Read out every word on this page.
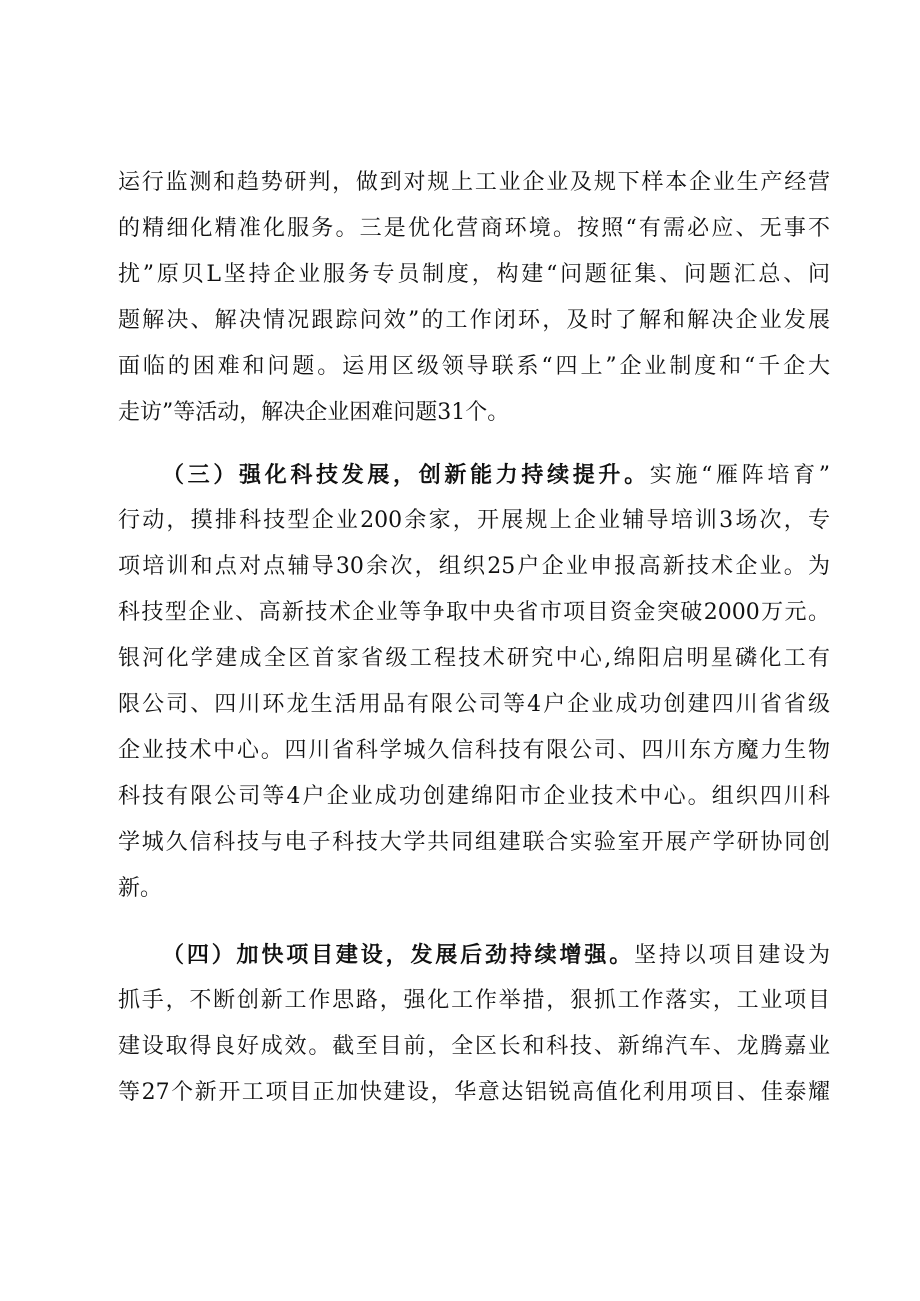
运行监测和趋势研判，做到对规上工业企业及规下样本企业生产经营
的精细化精准化服务。三是优化营商环境。按照“有需必应、无事不
扰”原贝L坚持企业服务专员制度，构建“问题征集、问题汇总、问
题解决、解决情况跟踪问效”的工作闭环，及时了解和解决企业发展
面临的困难和问题。运用区级领导联系“四上”企业制度和“千企大
走访”等活动，解决企业困难问题31个。
（三）强化科技发展，创新能力持续提升。实施“雁阵培育”
行动，摸排科技型企业200余家，开展规上企业辅导培训3场次，专
项培训和点对点辅导30余次，组织25户企业申报高新技术企业。为
科技型企业、高新技术企业等争取中央省市项目资金突破2000万元。
银河化学建成全区首家省级工程技术研究中心,绵阳启明星磷化工有
限公司、四川环龙生活用品有限公司等4户企业成功创建四川省省级
企业技术中心。四川省科学城久信科技有限公司、四川东方魔力生物
科技有限公司等4户企业成功创建绵阳市企业技术中心。组织四川科
学城久信科技与电子科技大学共同组建联合实验室开展产学研协同创
新。
（四）加快项目建设，发展后劲持续增强。坚持以项目建设为
抓手，不断创新工作思路，强化工作举措，狠抓工作落实，工业项目
建设取得良好成效。截至目前，全区长和科技、新绵汽车、龙腾嘉业
等27个新开工项目正加快建设，华意达铝锐高值化利用项目、佳泰耀
